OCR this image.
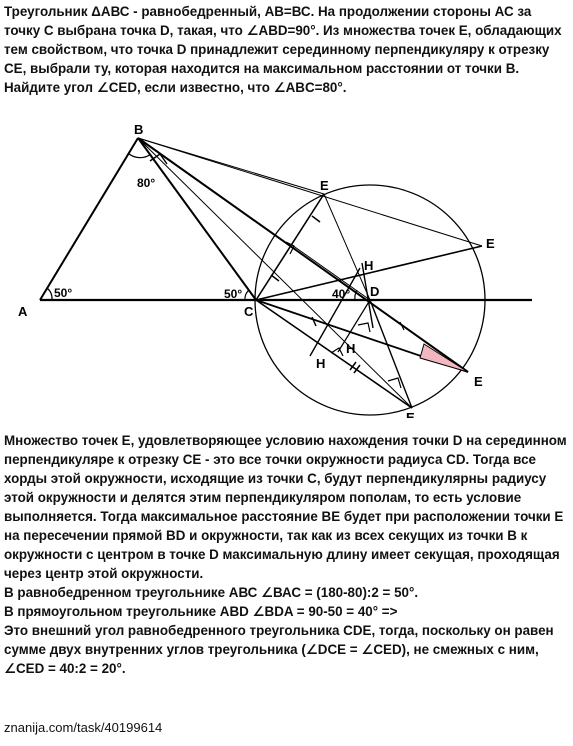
Треугольник ΔАВС - равнобедренный, АВ=ВС. На продолжении стороны АС за точку С выбрана точка D, такая, что ∠ABD=90°. Из множества точек Е, обладающих тем свойством, что точка D принадлежит серединному перпендикуляру к отрезку СЕ, выбрали ту, которая находится на максимальном расстоянии от точки В. Найдите угол ∠CED, если известно, что ∠ABC=80°.

A
B
C
D
E
E
E
E
H
H
H
80°
50°	50°	40°

Множество точек Е, удовлетворяющее условию нахождения точки D на серединном перпендикуляре к отрезку CE - это все точки окружности радиуса CD. Тогда все хорды этой окружности, исходящие из точки С, будут перпендикулярны радиусу этой окружности и делятся этим перпендикуляром пополам, то есть условие выполняется. Тогда максимальное расстояние ВЕ будет при расположении точки Е на пересечении прямой BD и окружности, так как из всех секущих из точки В к окружности с центром в точке D максимальную длину имеет секущая, проходящая через центр этой окружности.

В равнобедренном треугольнике АВС ∠ВАС = (180-80):2 = 50°.

В прямоугольном треугольнике ABD ∠BDA = 90-50 = 40° =>

Это внешний угол равнобедренного треугольника CDE, тогда, поскольку он равен сумме двух внутренних углов треугольника (∠DCE = ∠CED), не смежных с ним,

∠CED = 40:2 = 20°.

znanija.com/task/40199614
